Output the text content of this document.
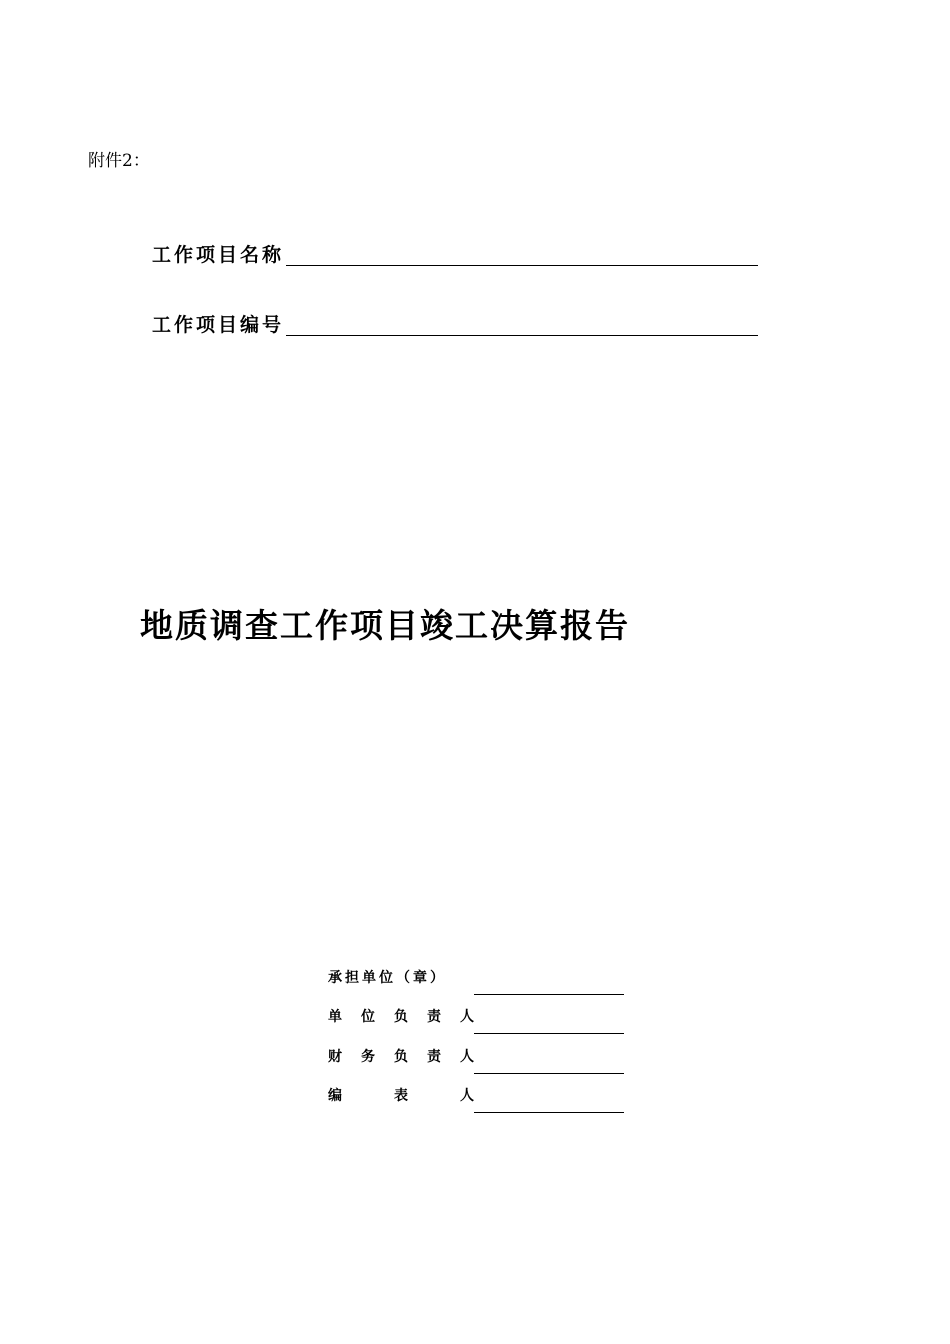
附件2：
工作项目名称
工作项目编号
地质调查工作项目竣工决算报告
承担单位（章）
单 位 负 责 人
财 务 负 责 人
编	表	人
